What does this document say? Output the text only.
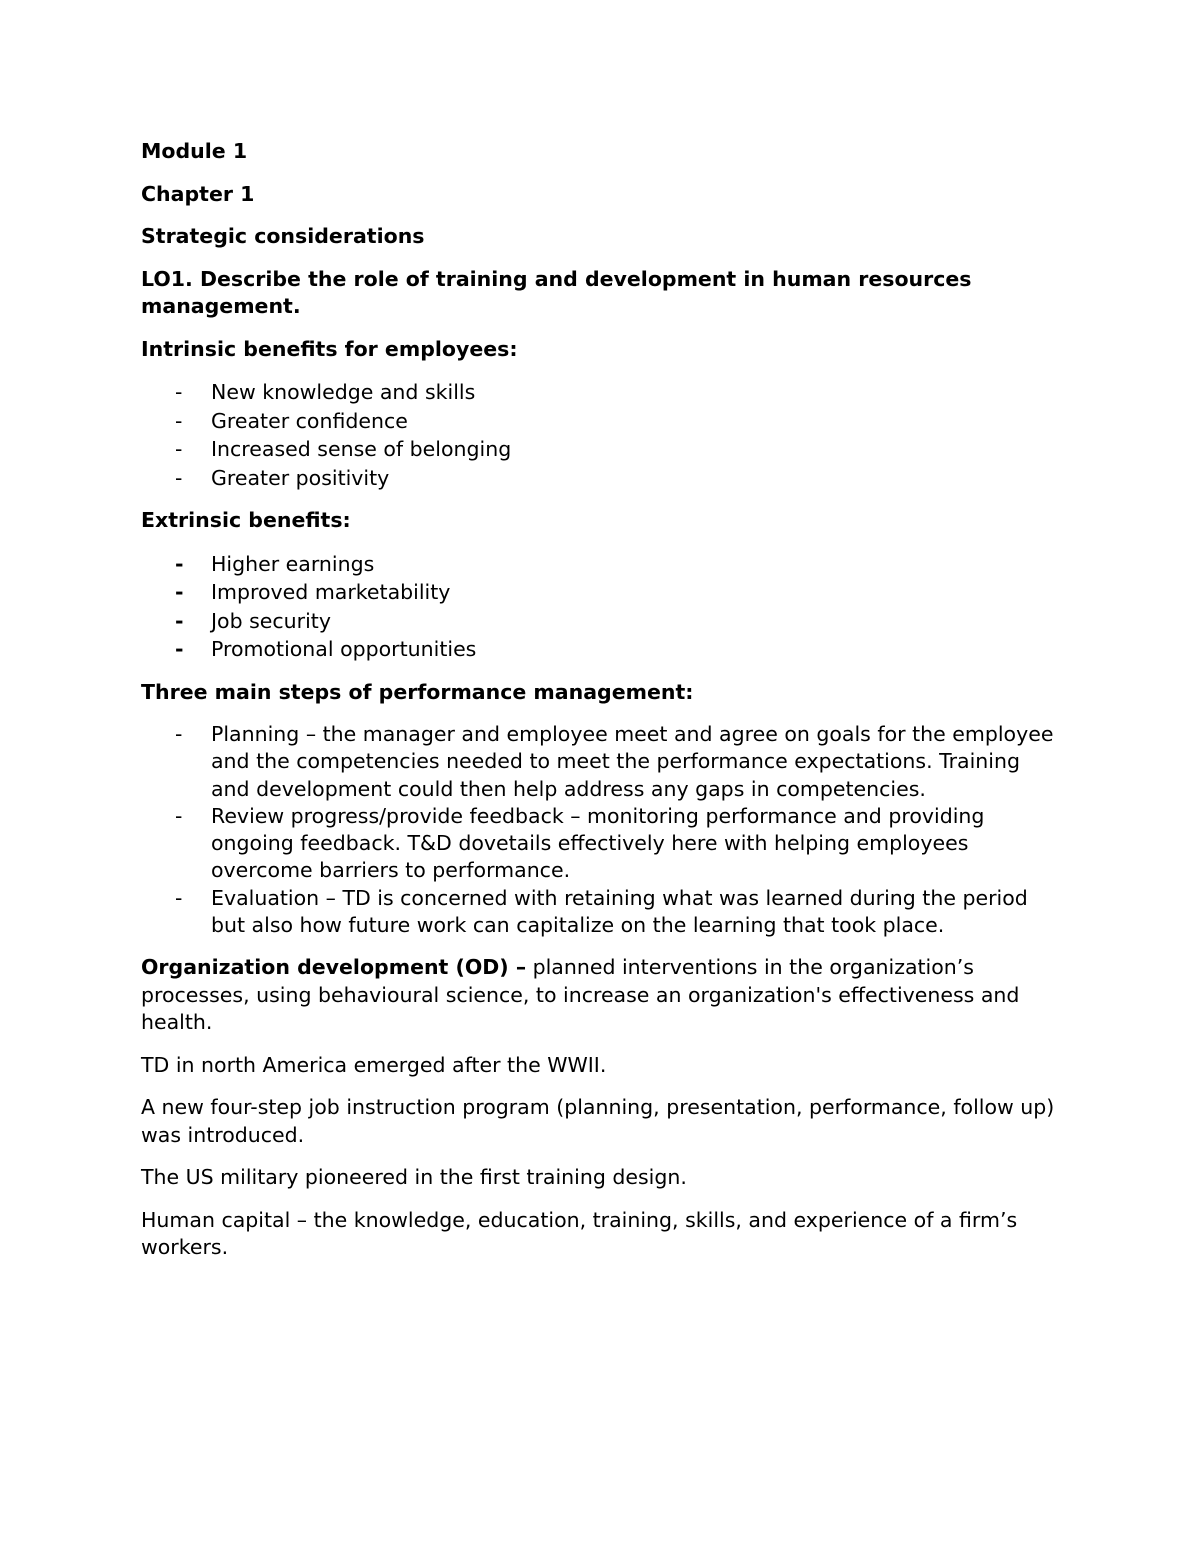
Module 1

Chapter 1

Strategic considerations

LO1. Describe the role of training and development in human resources management.

Intrinsic benefits for employees:

- New knowledge and skills
- Greater confidence
- Increased sense of belonging
- Greater positivity

Extrinsic benefits:

- Higher earnings
- Improved marketability
- Job security
- Promotional opportunities

Three main steps of performance management:

- Planning – the manager and employee meet and agree on goals for the employee and the competencies needed to meet the performance expectations. Training and development could then help address any gaps in competencies.
- Review progress/provide feedback – monitoring performance and providing ongoing feedback. T&D dovetails effectively here with helping employees overcome barriers to performance.
- Evaluation – TD is concerned with retaining what was learned during the period but also how future work can capitalize on the learning that took place.

Organization development (OD) – planned interventions in the organization’s processes, using behavioural science, to increase an organization's effectiveness and health.

TD in north America emerged after the WWII.

A new four-step job instruction program (planning, presentation, performance, follow up) was introduced.

The US military pioneered in the first training design.

Human capital – the knowledge, education, training, skills, and experience of a firm’s workers.
